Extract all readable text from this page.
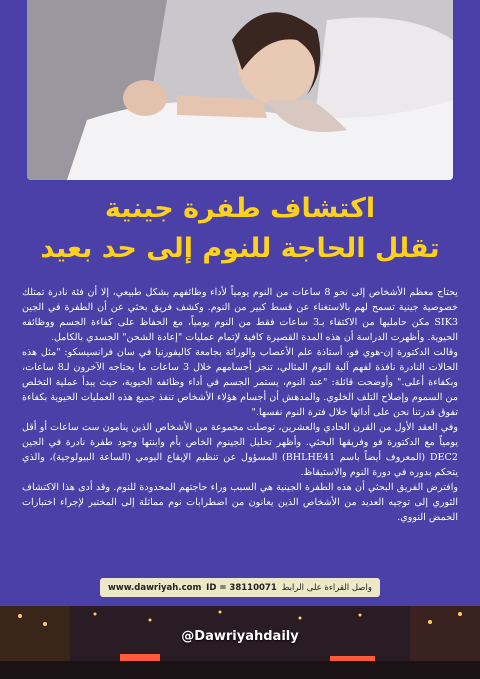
اكتشاف طفرة جينية
تقلل الحاجة للنوم إلى حد بعيد

يحتاج معظم الأشخاص إلى نحو 8 ساعات من النوم يومياً لأداء وظائفهم بشكل طبيعي، إلا أن فئة نادرة تمتلك خصوصية جينية تسمح لهم بالاستغناء عن قسط كبير من النوم. وكشف فريق بحثي عن أن الطفرة في الجين SIK3 مكن حامليها من الاكتفاء بـ3 ساعات فقط من النوم يومياً، مع الحفاظ على كفاءة الجسم ووظائفه الحيوية. وأظهرت الدراسة أن هذه المدة القصيرة كافية لإتمام عمليات "إعادة الشحن" الجسدي بالكامل.

وقالت الدكتورة إن-هوي فو، أستاذة علم الأعصاب والوراثة بجامعة كاليفورنيا في سان فرانسيسكو: "مثل هذه الحالات النادرة نافذة لفهم آلية النوم المثالي، تنجز أجسامهم خلال 3 ساعات ما يحتاجه الآخرون لـ8 ساعات، وبكفاءة أعلى." وأوضحت قائلة: "عند النوم، يستمر الجسم في أداء وظائفه الحيوية، حيث يبدأ عملية التخلص من السموم وإصلاح التلف الخلوي. والمدهش أن أجسام هؤلاء الأشخاص تنفذ جميع هذه العمليات الحيوية بكفاءة تفوق قدرتنا نحن على أدائها خلال فترة النوم نفسها."

وفي العقد الأول من القرن الحادي والعشرين، توصلت مجموعة من الأشخاص الذين ينامون ست ساعات أو أقل يومياً مع الدكتورة فو وفريقها البحثي. وأظهر تحليل الجينوم الخاص بأم وابنتها وجود طفرة نادرة في الجين DEC2 (المعروف أيضاً باسم BHLHE41) المسؤول عن تنظيم الإيقاع اليومي (الساعة البيولوجية)، والذي يتحكم بدوره في دورة النوم والاستيقاظ.

وافترض الفريق البحثي أن هذه الطفرة الجينية هي السبب وراء حاجتهم المحدودة للنوم. وقد أدى هذا الاكتشاف الثوري إلى توجيه العديد من الأشخاص الذين يعانون من اضطرابات نوم مماثلة إلى المختبر لإجراء اختبارات الحمض النووي.

www.dawriyah.com ID = 38110071 واصل القراءة على الرابط
@Dawriyahdaily
